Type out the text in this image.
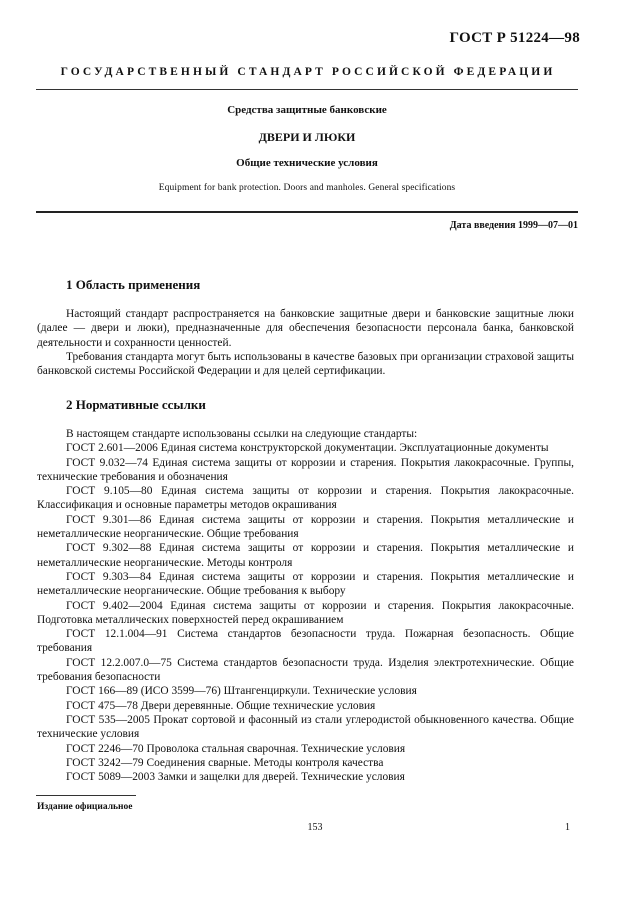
ГОСТ Р 51224—98
ГОСУДАРСТВЕННЫЙ СТАНДАРТ РОССИЙСКОЙ ФЕДЕРАЦИИ
Средства защитные банковские
ДВЕРИ И ЛЮКИ
Общие технические условия
Equipment for bank protection. Doors and manholes. General specifications
Дата введения 1999—07—01
1 Область применения

Настоящий стандарт распространяется на банковские защитные двери и банковские защитные люки (далее — двери и люки), предназначенные для обеспечения безопасности персонала банка, банковской деятельности и сохранности ценностей.

Требования стандарта могут быть использованы в качестве базовых при организации страховой защиты банковской системы Российской Федерации и для целей сертификации.

2 Нормативные ссылки

В настоящем стандарте использованы ссылки на следующие стандарты:

ГОСТ 2.601—2006 Единая система конструкторской документации. Эксплуатационные документы

ГОСТ 9.032—74 Единая система защиты от коррозии и старения. Покрытия лакокрасочные. Группы, технические требования и обозначения

ГОСТ 9.105—80 Единая система защиты от коррозии и старения. Покрытия лакокрасочные. Классификация и основные параметры методов окрашивания

ГОСТ 9.301—86 Единая система защиты от коррозии и старения. Покрытия металлические и неметаллические неорганические. Общие требования

ГОСТ 9.302—88 Единая система защиты от коррозии и старения. Покрытия металлические и неметаллические неорганические. Методы контроля

ГОСТ 9.303—84 Единая система защиты от коррозии и старения. Покрытия металлические и неметаллические неорганические. Общие требования к выбору

ГОСТ 9.402—2004 Единая система защиты от коррозии и старения. Покрытия лакокрасочные. Подготовка металлических поверхностей перед окрашиванием

ГОСТ 12.1.004—91 Система стандартов безопасности труда. Пожарная безопасность. Общие требования

ГОСТ 12.2.007.0—75 Система стандартов безопасности труда. Изделия электротехнические. Общие требования безопасности

ГОСТ 166—89 (ИСО 3599—76) Штангенциркули. Технические условия

ГОСТ 475—78 Двери деревянные. Общие технические условия

ГОСТ 535—2005 Прокат сортовой и фасонный из стали углеродистой обыкновенного качества. Общие технические условия

ГОСТ 2246—70 Проволока стальная сварочная. Технические условия

ГОСТ 3242—79 Соединения сварные. Методы контроля качества

ГОСТ 5089—2003 Замки и защелки для дверей. Технические условия

Издание официальное
153	1
